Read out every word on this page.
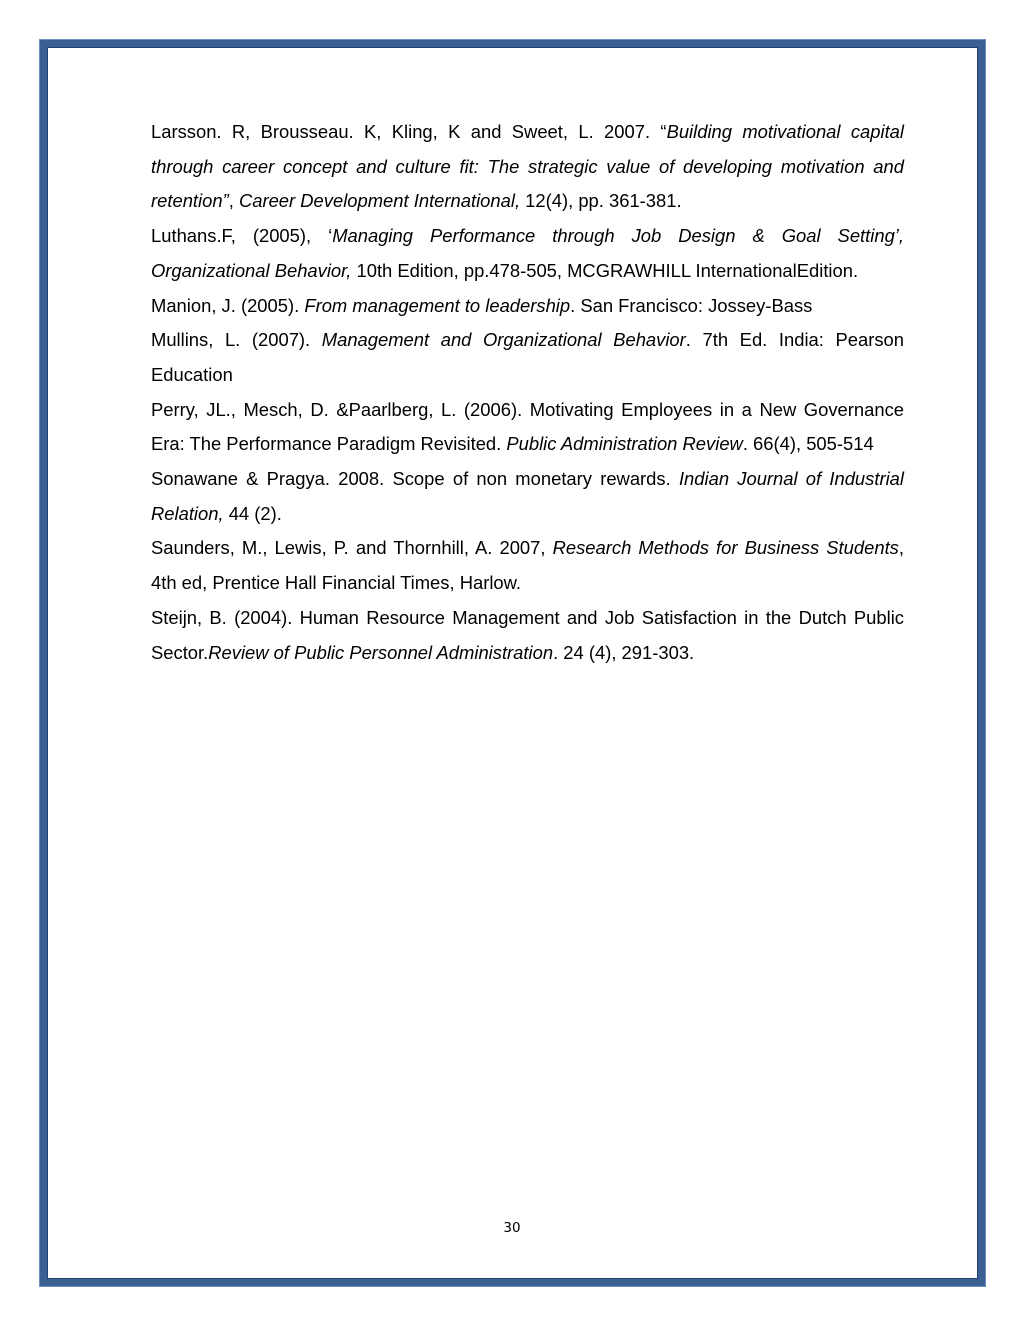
Larsson. R, Brousseau. K, Kling, K and Sweet, L. 2007. “Building motivational capital through career concept and culture fit: The strategic value of developing motivation and retention”, Career Development International, 12(4), pp. 361-381.

Luthans.F, (2005), ‘Managing Performance through Job Design & Goal Setting’, Organizational Behavior, 10th Edition, pp.478-505, MCGRAWHILL InternationalEdition.

Manion, J. (2005). From management to leadership. San Francisco: Jossey-Bass

Mullins, L. (2007). Management and Organizational Behavior. 7th Ed. India: Pearson Education

Perry, JL., Mesch, D. &Paarlberg, L. (2006). Motivating Employees in a New Governance Era: The Performance Paradigm Revisited. Public Administration Review. 66(4), 505-514

Sonawane & Pragya. 2008. Scope of non monetary rewards. Indian Journal of Industrial Relation, 44 (2).

Saunders, M., Lewis, P. and Thornhill, A. 2007, Research Methods for Business Students, 4th ed, Prentice Hall Financial Times, Harlow.

Steijn, B. (2004). Human Resource Management and Job Satisfaction in the Dutch Public Sector.Review of Public Personnel Administration. 24 (4), 291-303.

30
